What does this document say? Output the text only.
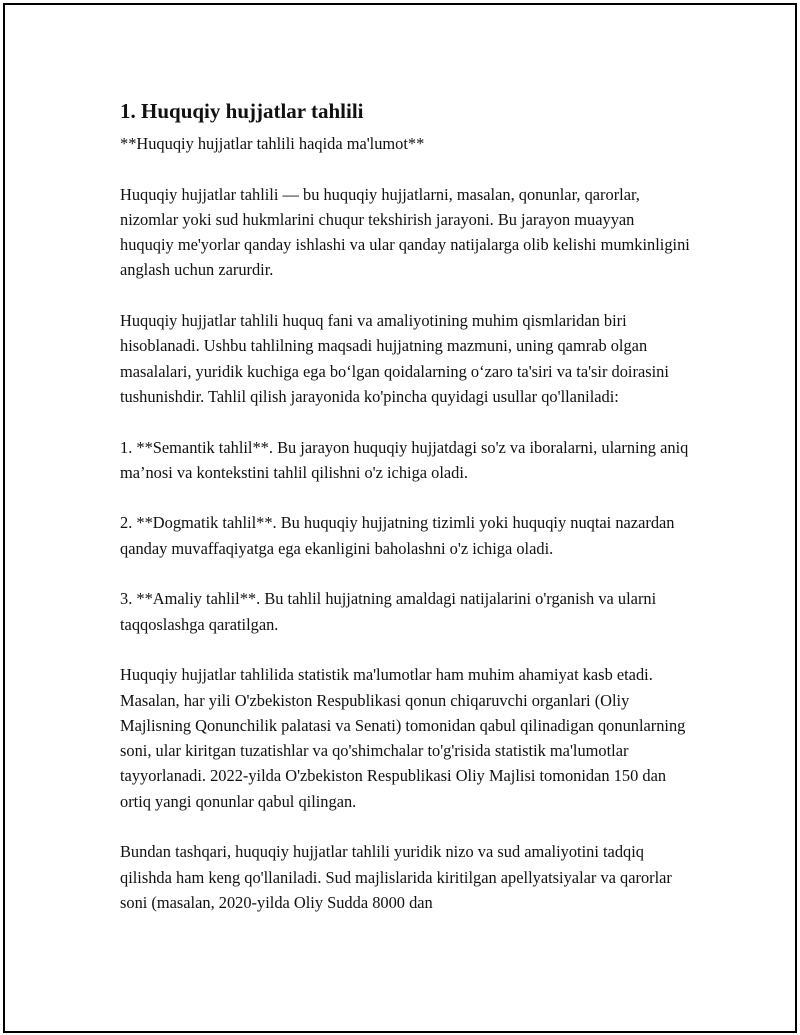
1. Huquqiy hujjatlar tahlili

**Huquqiy hujjatlar tahlili haqida ma'lumot**

Huquqiy hujjatlar tahlili — bu huquqiy hujjatlarni, masalan, qonunlar, qarorlar, nizomlar yoki sud hukmlarini chuqur tekshirish jarayoni. Bu jarayon muayyan huquqiy me'yorlar qanday ishlashi va ular qanday natijalarga olib kelishi mumkinligini anglash uchun zarurdir.

Huquqiy hujjatlar tahlili huquq fani va amaliyotining muhim qismlaridan biri hisoblanadi. Ushbu tahlilning maqsadi hujjatning mazmuni, uning qamrab olgan masalalari, yuridik kuchiga ega bo‘lgan qoidalarning o‘zaro ta'siri va ta'sir doirasini tushunishdir. Tahlil qilish jarayonida ko'pincha quyidagi usullar qo'llaniladi:

1. **Semantik tahlil**. Bu jarayon huquqiy hujjatdagi so'z va iboralarni, ularning aniq ma’nosi va kontekstini tahlil qilishni o'z ichiga oladi.

2. **Dogmatik tahlil**. Bu huquqiy hujjatning tizimli yoki huquqiy nuqtai nazardan qanday muvaffaqiyatga ega ekanligini baholashni o'z ichiga oladi.

3. **Amaliy tahlil**. Bu tahlil hujjatning amaldagi natijalarini o'rganish va ularni taqqoslashga qaratilgan.

Huquqiy hujjatlar tahlilida statistik ma'lumotlar ham muhim ahamiyat kasb etadi. Masalan, har yili O'zbekiston Respublikasi qonun chiqaruvchi organlari (Oliy Majlisning Qonunchilik palatasi va Senati) tomonidan qabul qilinadigan qonunlarning soni, ular kiritgan tuzatishlar va qo'shimchalar to'g'risida statistik ma'lumotlar tayyorlanadi. 2022-yilda O'zbekiston Respublikasi Oliy Majlisi tomonidan 150 dan ortiq yangi qonunlar qabul qilingan.

Bundan tashqari, huquqiy hujjatlar tahlili yuridik nizo va sud amaliyotini tadqiq qilishda ham keng qo'llaniladi. Sud majlislarida kiritilgan apellyatsiyalar va qarorlar soni (masalan, 2020-yilda Oliy Sudda 8000 dan
